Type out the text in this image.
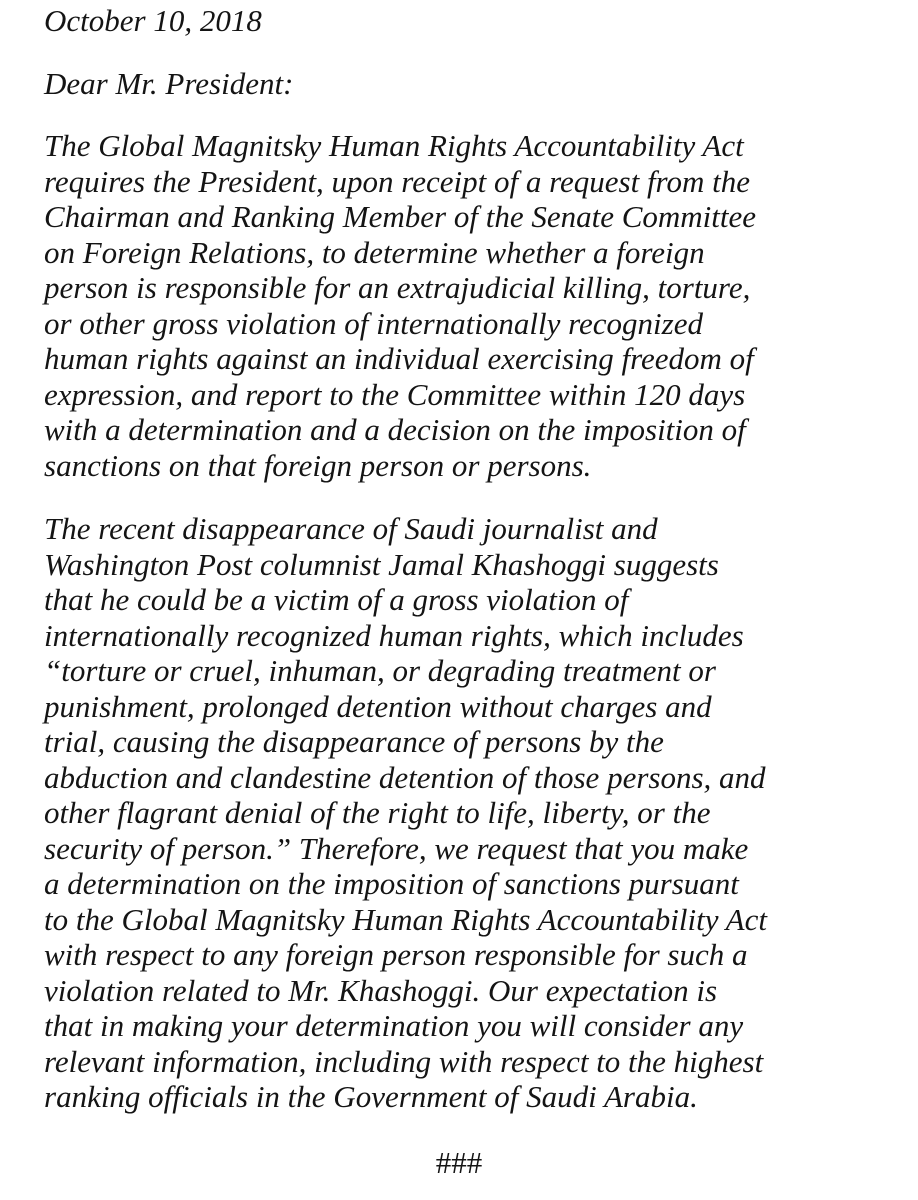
October 10, 2018
Dear Mr. President:
The Global Magnitsky Human Rights Accountability Act
requires the President, upon receipt of a request from the
Chairman and Ranking Member of the Senate Committee
on Foreign Relations, to determine whether a foreign
person is responsible for an extrajudicial killing, torture,
or other gross violation of internationally recognized
human rights against an individual exercising freedom of
expression, and report to the Committee within 120 days
with a determination and a decision on the imposition of
sanctions on that foreign person or persons.
The recent disappearance of Saudi journalist and
Washington Post columnist Jamal Khashoggi suggests
that he could be a victim of a gross violation of
internationally recognized human rights, which includes
“torture or cruel, inhuman, or degrading treatment or
punishment, prolonged detention without charges and
trial, causing the disappearance of persons by the
abduction and clandestine detention of those persons, and
other flagrant denial of the right to life, liberty, or the
security of person.” Therefore, we request that you make
a determination on the imposition of sanctions pursuant
to the Global Magnitsky Human Rights Accountability Act
with respect to any foreign person responsible for such a
violation related to Mr. Khashoggi. Our expectation is
that in making your determination you will consider any
relevant information, including with respect to the highest
ranking officials in the Government of Saudi Arabia.
###
